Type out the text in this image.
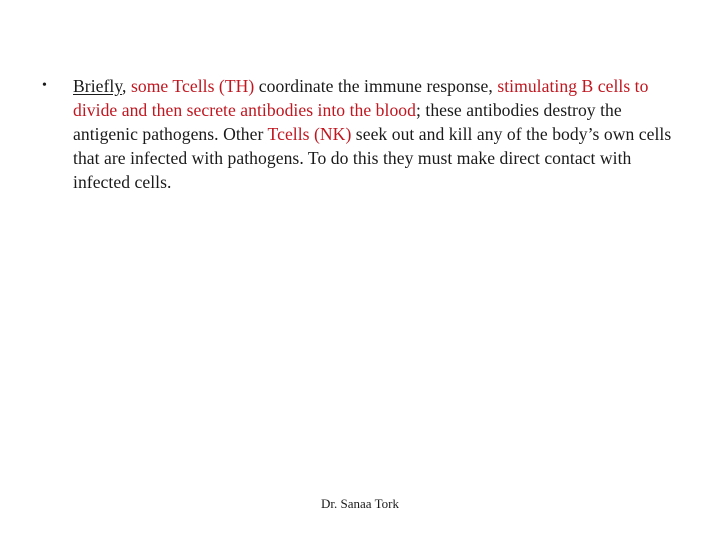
•	Briefly, some Tcells (TH) coordinate the immune response, stimulating B cells to divide and then secrete antibodies into the blood; these antibodies destroy the antigenic pathogens. Other Tcells (NK) seek out and kill any of the body’s own cells that are infected with pathogens. To do this they must make direct contact with infected cells.
Dr. Sanaa Tork
